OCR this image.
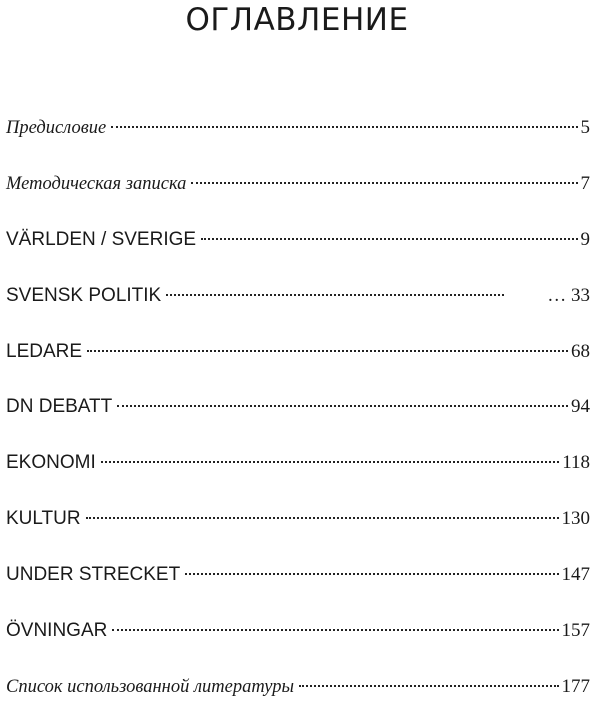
ОГЛАВЛЕНИЕ
Предисловие	5
Методическая записка	7
VÄRLDEN / SVERIGE	9
SVENSK POLITIK	… 33
LEDARE	68
DN DEBATT	94
EKONOMI	118
KULTUR	130
UNDER STRECKET	147
ÖVNINGAR	157
Список использованной литературы	177
